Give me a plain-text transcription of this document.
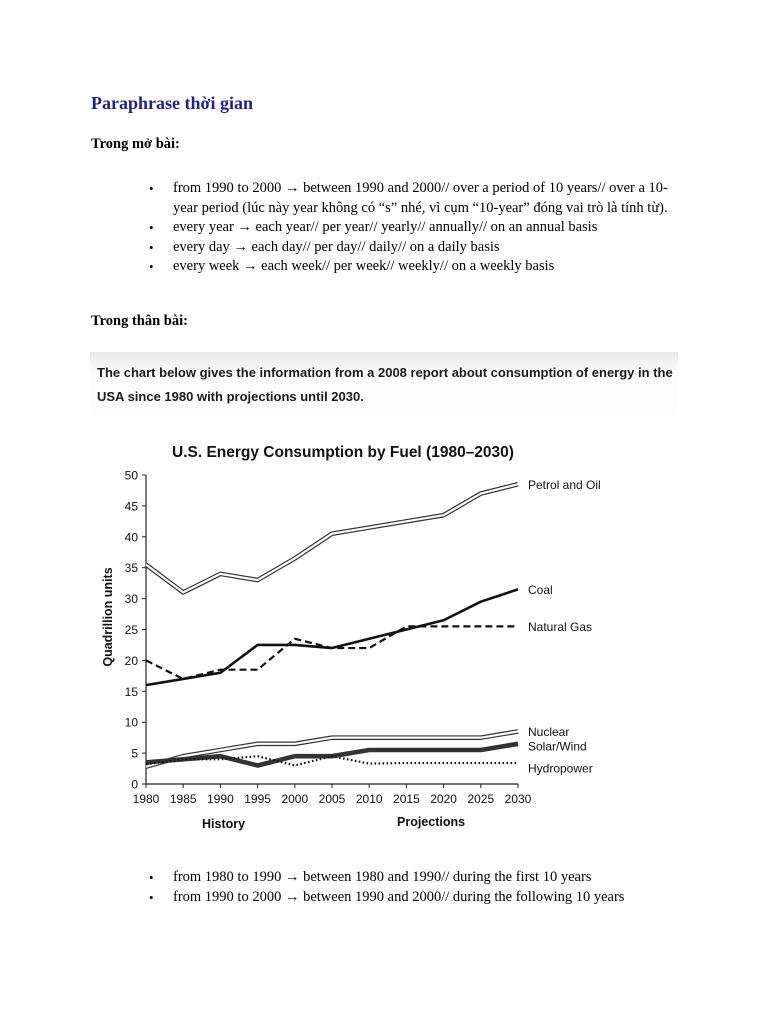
Paraphrase thời gian
Trong mở bài:
• from 1990 to 2000 → between 1990 and 2000// over a period of 10 years// over a 10-year period (lúc này year không có “s” nhé, vì cụm “10-year” đóng vai trò là tính từ).
• every year → each year// per year// yearly// annually// on an annual basis
• every day → each day// per day// daily// on a daily basis
• every week → each week// per week// weekly// on a weekly basis
Trong thân bài:
The chart below gives the information from a 2008 report about consumption of energy in the USA since 1980 with projections until 2030.
U.S. Energy Consumption by Fuel (1980–2030)
Quadrillion units
0
5
10
15
20
25
30
35
40
45
50
1980 1985 1990 1995 2000 2005 2010 2015 2020 2025 2030
Petrol and Oil
Coal
Natural Gas
Nuclear
Solar/Wind
Hydropower
History	Projections
• from 1980 to 1990 → between 1980 and 1990// during the first 10 years
• from 1990 to 2000 → between 1990 and 2000// during the following 10 years
